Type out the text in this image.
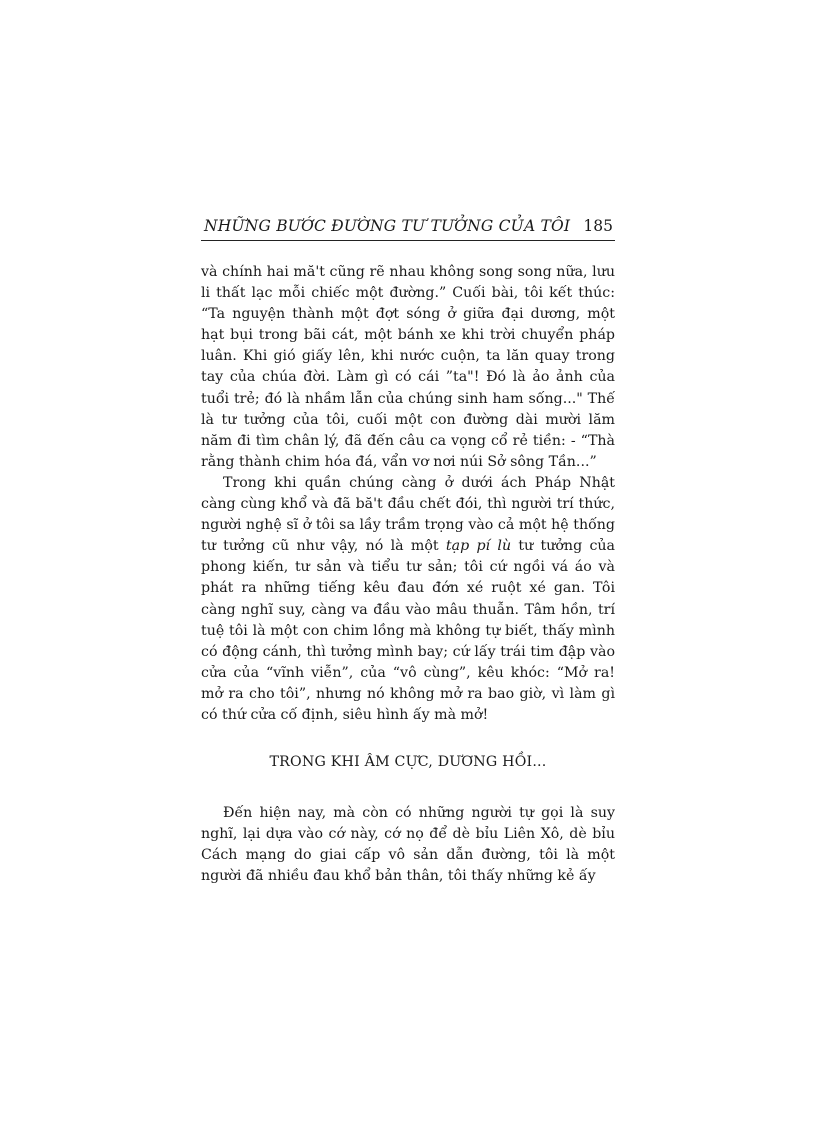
NHỮNG BƯỚC ĐƯỜNG TƯ TƯỞNG CỦA TÔI 185

và chính hai mă't cũng rẽ nhau không song song nữa, lưu li thất lạc mỗi chiếc một đường.” Cuối bài, tôi kết thúc: “Ta nguyện thành một đợt sóng ở giữa đại dương, một hạt bụi trong bãi cát, một bánh xe khi trời chuyển pháp luân. Khi gió giấy lên, khi nước cuộn, ta lăn quay trong tay của chúa đời. Làm gì có cái ”ta"! Đó là ảo ảnh của tuổi trẻ; đó là nhầm lẫn của chúng sinh ham sống..." Thế là tư tưởng của tôi, cuối một con đường dài mười lăm năm đi tìm chân lý, đã đến câu ca vọng cổ rẻ tiền: - “Thà rằng thành chim hóa đá, vẩn vơ nơi núi Sở sông Tần...”

Trong khi quần chúng càng ở dưới ách Pháp Nhật càng cùng khổ và đã bă't đầu chết đói, thì người trí thức, người nghệ sĩ ở tôi sa lầy trầm trọng vào cả một hệ thống tư tưởng cũ như vậy, nó là một tạp pí lù tư tưởng của phong kiến, tư sản và tiểu tư sản; tôi cứ ngồi vá áo và phát ra những tiếng kêu đau đớn xé ruột xé gan. Tôi càng nghĩ suy, càng va đầu vào mâu thuẫn. Tâm hồn, trí tuệ tôi là một con chim lồng mà không tự biết, thấy mình có động cánh, thì tưởng mình bay; cứ lấy trái tim đập vào cửa của “vĩnh viễn”, của “vô cùng”, kêu khóc: “Mở ra! mở ra cho tôi”, nhưng nó không mở ra bao giờ, vì làm gì có thứ cửa cố định, siêu hình ấy mà mở!

TRONG KHI ÂM CỰC, DƯƠNG HỒI...

Đến hiện nay, mà còn có những người tự gọi là suy nghĩ, lại dựa vào cớ này, cớ nọ để dè bỉu Liên Xô, dè bỉu Cách mạng do giai cấp vô sản dẫn đường, tôi là một người đã nhiều đau khổ bản thân, tôi thấy những kẻ ấy
